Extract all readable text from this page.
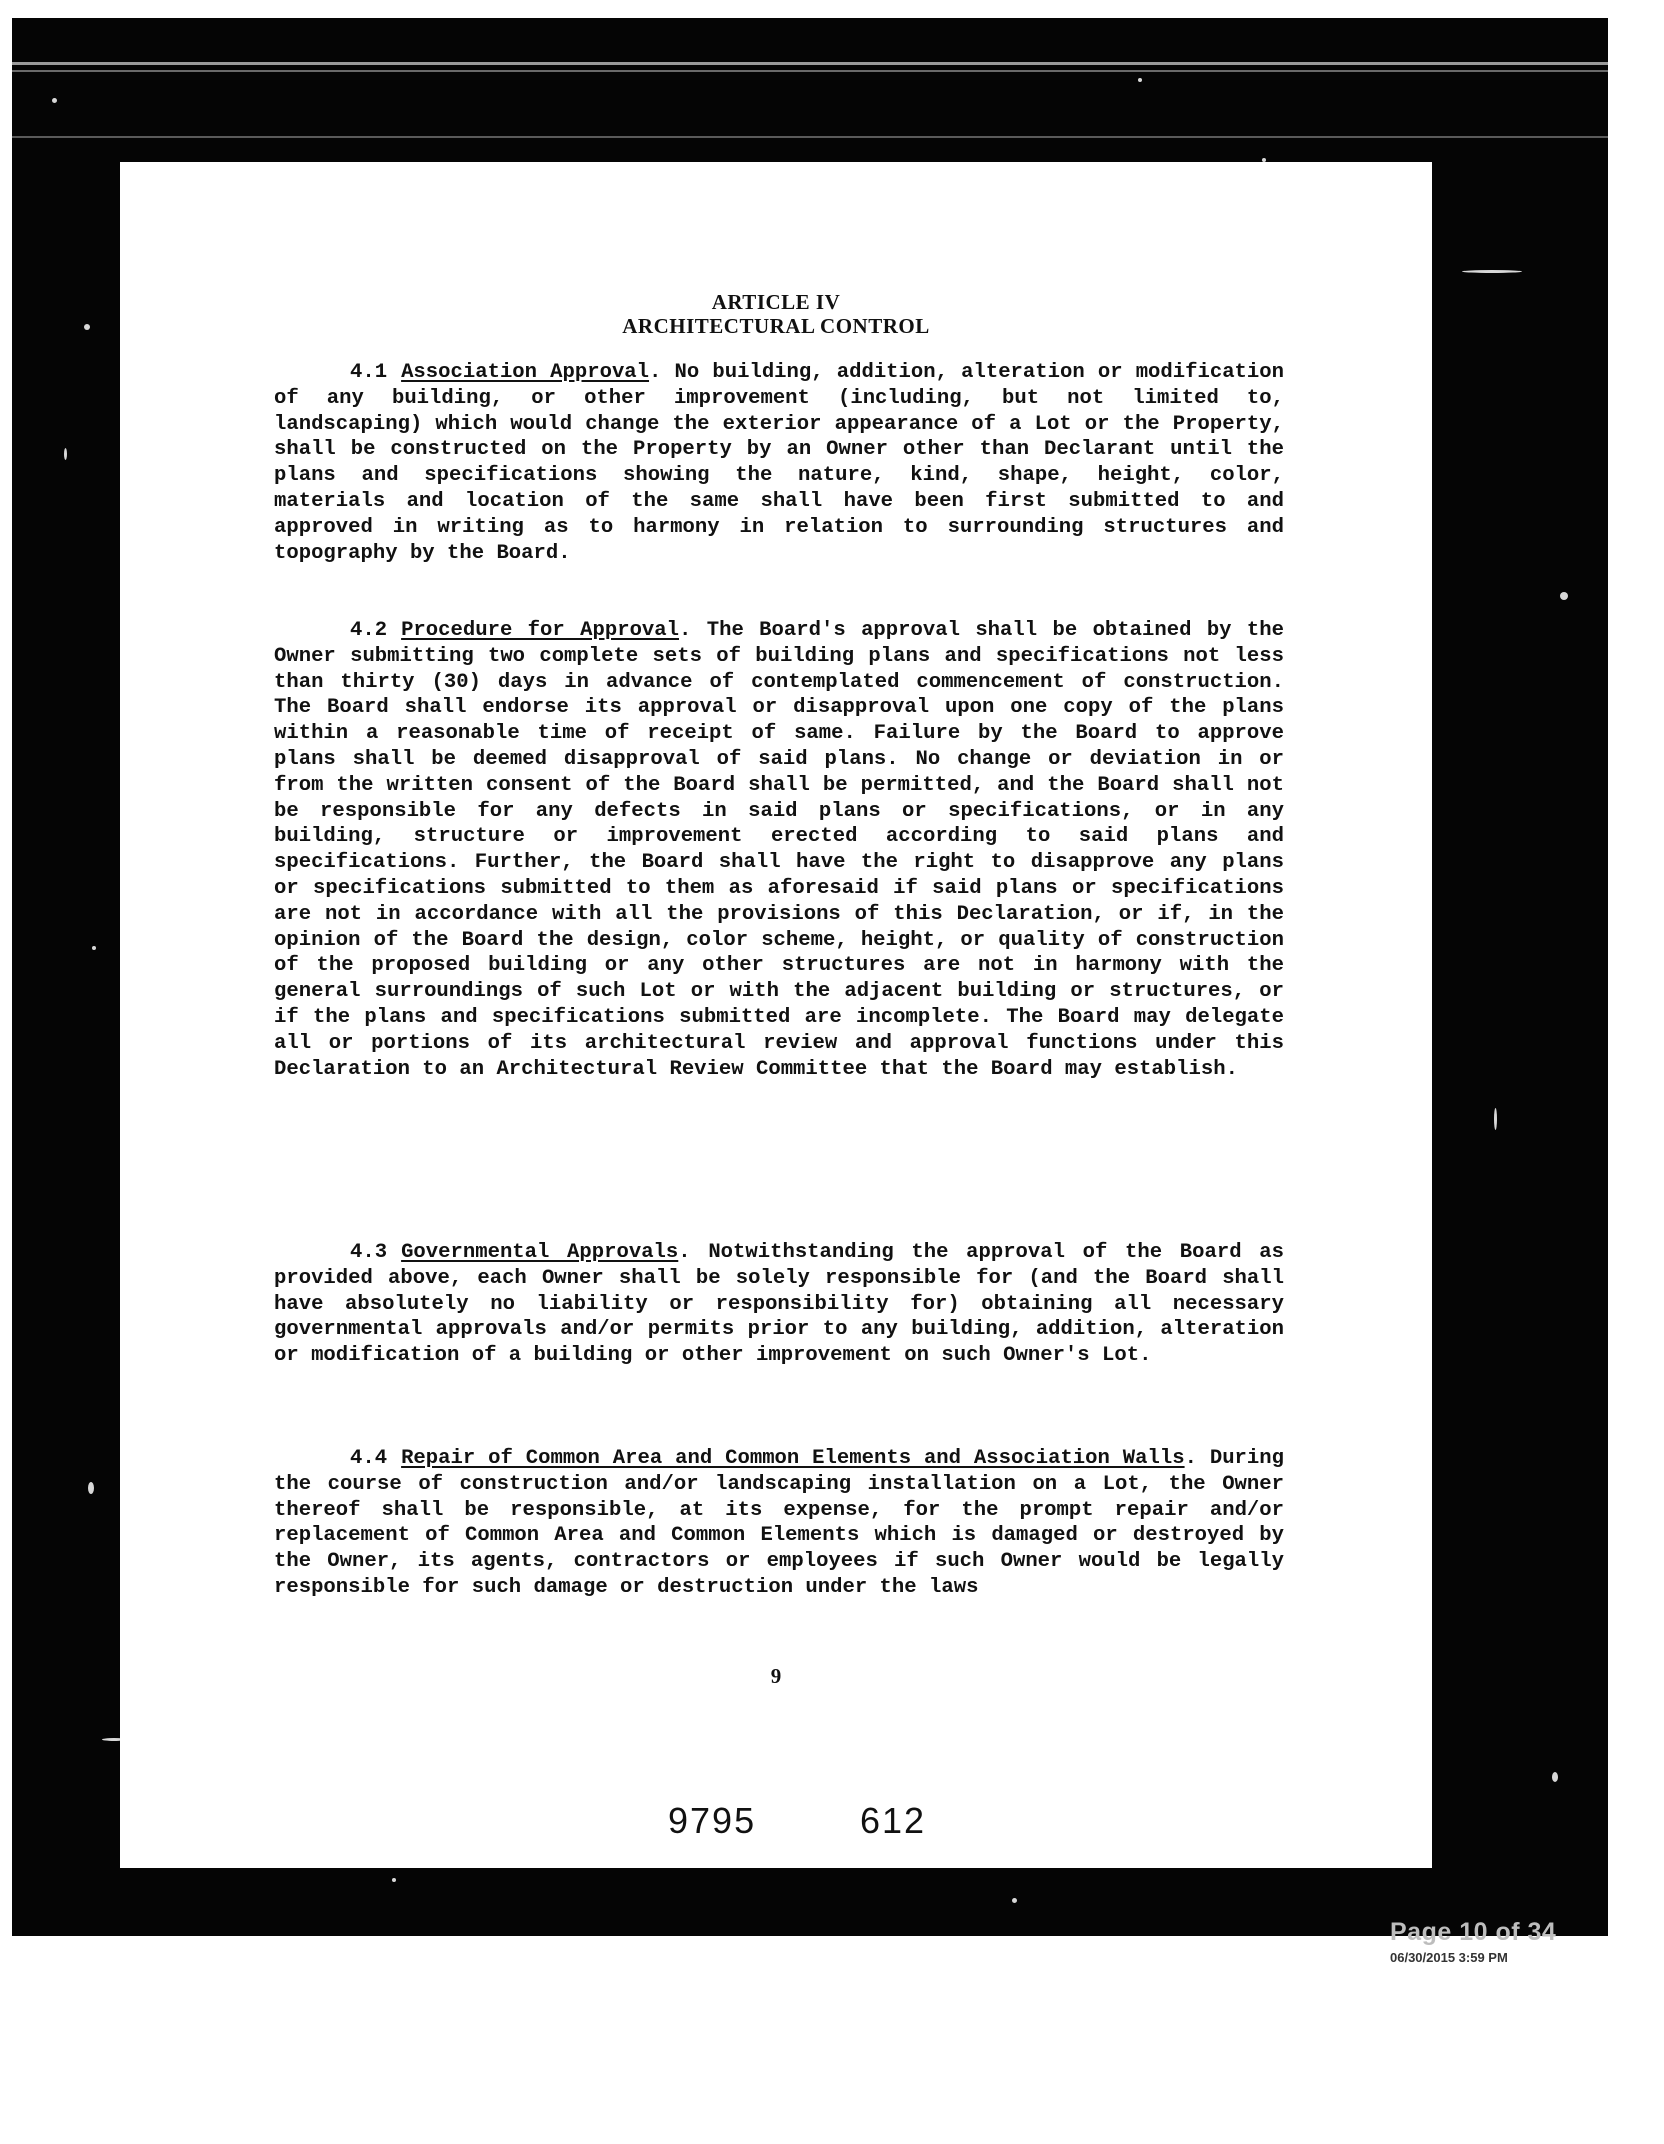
ARTICLE IV
ARCHITECTURAL CONTROL

4.1 Association Approval. No building, addition, alteration or modification of any building, or other improvement (including, but not limited to, landscaping) which would change the exterior appearance of a Lot or the Property, shall be constructed on the Property by an Owner other than Declarant until the plans and specifications showing the nature, kind, shape, height, color, materials and location of the same shall have been first submitted to and approved in writing as to harmony in relation to surrounding structures and topography by the Board.

4.2 Procedure for Approval. The Board's approval shall be obtained by the Owner submitting two complete sets of building plans and specifications not less than thirty (30) days in advance of contemplated commencement of construction. The Board shall endorse its approval or disapproval upon one copy of the plans within a reasonable time of receipt of same. Failure by the Board to approve plans shall be deemed disapproval of said plans. No change or deviation in or from the written consent of the Board shall be permitted, and the Board shall not be responsible for any defects in said plans or specifications, or in any building, structure or improvement erected according to said plans and specifications. Further, the Board shall have the right to disapprove any plans or specifications submitted to them as aforesaid if said plans or specifications are not in accordance with all the provisions of this Declaration, or if, in the opinion of the Board the design, color scheme, height, or quality of construction of the proposed building or any other structures are not in harmony with the general surroundings of such Lot or with the adjacent building or structures, or if the plans and specifications submitted are incomplete. The Board may delegate all or portions of its architectural review and approval functions under this Declaration to an Architectural Review Committee that the Board may establish.

4.3 Governmental Approvals. Notwithstanding the approval of the Board as provided above, each Owner shall be solely responsible for (and the Board shall have absolutely no liability or responsibility for) obtaining all necessary governmental approvals and/or permits prior to any building, addition, alteration or modification of a building or other improvement on such Owner's Lot.

4.4 Repair of Common Area and Common Elements and Association Walls. During the course of construction and/or landscaping installation on a Lot, the Owner thereof shall be responsible, at its expense, for the prompt repair and/or replacement of Common Area and Common Elements which is damaged or destroyed by the Owner, its agents, contractors or employees if such Owner would be legally responsible for such damage or destruction under the laws

9
9795	612
Page 10 of 34
06/30/2015 3:59 PM
